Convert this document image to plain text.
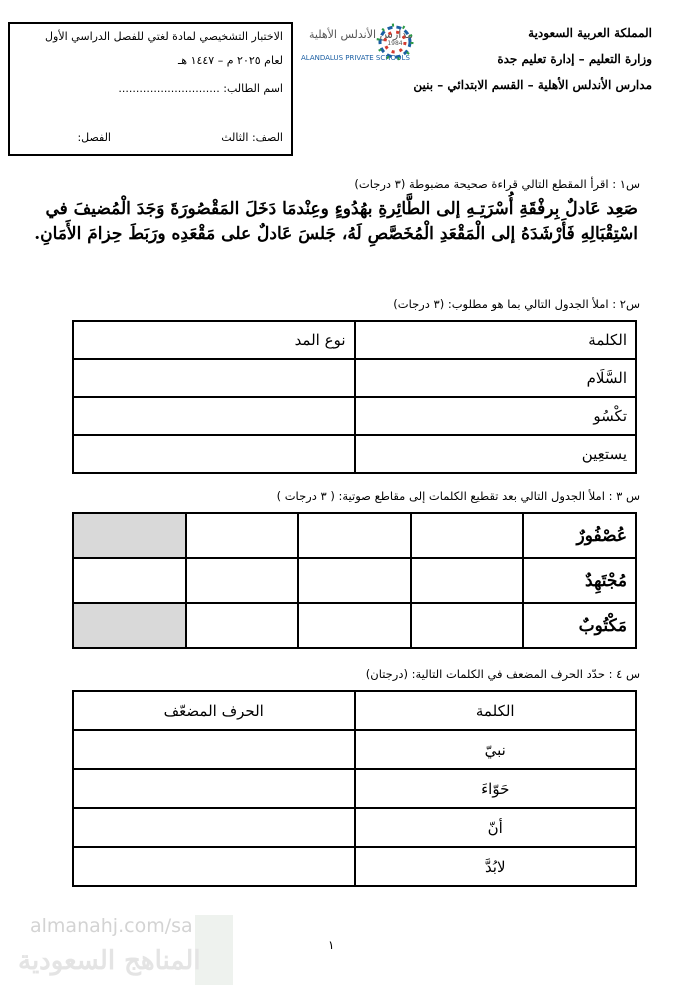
المملكة العربية السعودية
وزارة التعليم – إدارة تعليم جدة
مدارس الأندلس الأهلية – القسم الابتدائي – بنين
مدارس الأندلس الأهلية
ALANDALUS PRIVATE SCHOOLS
1984
الاختبار التشخيصي لمادة لغتي للفصل الدراسي الأول
لعام ٢٠٢٥ م – ١٤٤٧ هـ
اسم الطالب: .............................
الصف: الثالث
الفصل:
س١ : اقرأ المقطع التالي قراءة صحيحة مضبوطة (٣ درجات)
صَعِد عَادلٌ بِرفْقَةِ أُسْرَتِـهِ إلى الطَّائِرةِ بهُدُوءٍ وعِنْدمَا دَخَلَ المَقْصُورَةَ وَجَدَ الْمُضيفَ في اسْتِقْبَالِهِ فَأَرْشَدَهُ إلى الْمَقْعَدِ الْمُخَصَّصِ لَهُ، جَلسَ عَادلٌ على مَقْعَدِه ورَبَطَ حِزامَ الأَمَانِ.
س٢ : املأ الجدول التالي بما هو مطلوب: (٣ درجات)
الكلمة	نوع المد
السَّلَام	
تكْسُو	
يستعِين	
س ٣ : املأ الجدول التالي بعد تقطيع الكلمات إلى مقاطع صوتية: ( ٣ درجات )
عُصْفُورٌ				
مُجْتَهِدٌ				
مَكْتُوبٌ				
س ٤ : حدّد الحرف المضعف في الكلمات التالية: (درجتان)
الكلمة	الحرف المضعّف
نبيّ	
حَوّاءَ	
أنّ	
لابُدَّ	
almanahj.com/sa
المناهج السعودية
١
